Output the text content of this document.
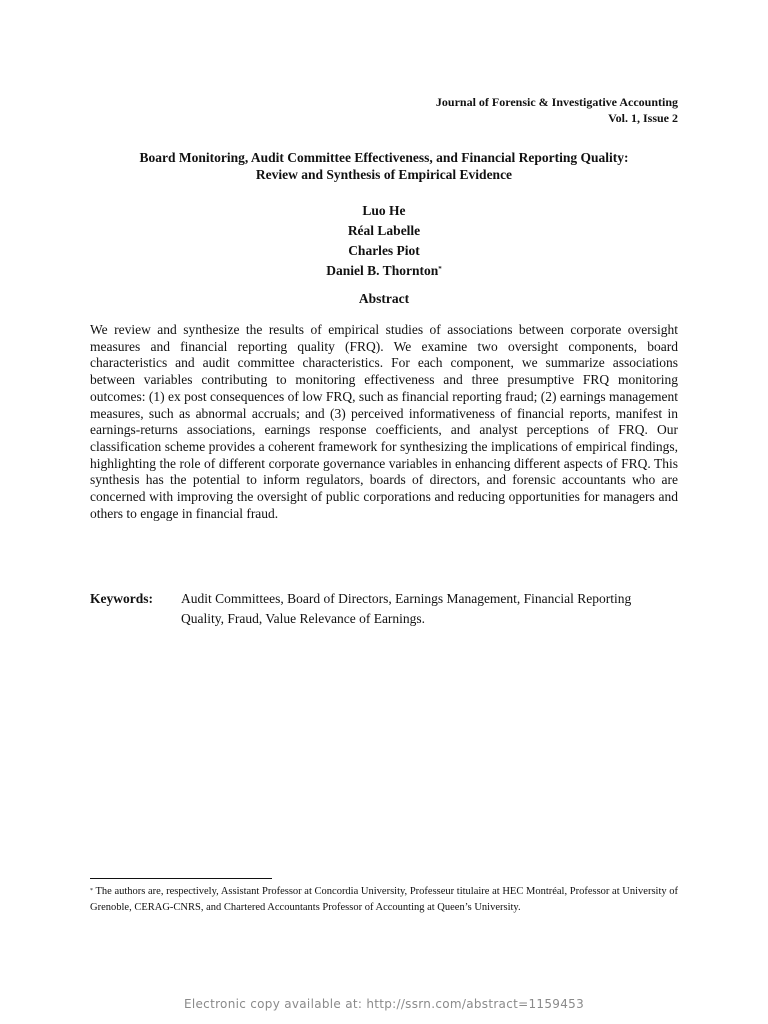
Journal of Forensic & Investigative Accounting
Vol. 1, Issue 2
Board Monitoring, Audit Committee Effectiveness, and Financial Reporting Quality:
Review and Synthesis of Empirical Evidence
Luo He
Réal Labelle
Charles Piot
Daniel B. Thornton*
Abstract
We review and synthesize the results of empirical studies of associations between corporate oversight measures and financial reporting quality (FRQ). We examine two oversight components, board characteristics and audit committee characteristics. For each component, we summarize associations between variables contributing to monitoring effectiveness and three presumptive FRQ monitoring outcomes: (1) ex post consequences of low FRQ, such as financial reporting fraud; (2) earnings management measures, such as abnormal accruals; and (3) perceived informativeness of financial reports, manifest in earnings-returns associations, earnings response coefficients, and analyst perceptions of FRQ. Our classification scheme provides a coherent framework for synthesizing the implications of empirical findings, highlighting the role of different corporate governance variables in enhancing different aspects of FRQ. This synthesis has the potential to inform regulators, boards of directors, and forensic accountants who are concerned with improving the oversight of public corporations and reducing opportunities for managers and others to engage in financial fraud.
Keywords: Audit Committees, Board of Directors, Earnings Management, Financial Reporting Quality, Fraud, Value Relevance of Earnings.
* The authors are, respectively, Assistant Professor at Concordia University, Professeur titulaire at HEC Montréal, Professor at University of Grenoble, CERAG-CNRS, and Chartered Accountants Professor of Accounting at Queen’s University.
Electronic copy available at: http://ssrn.com/abstract=1159453
